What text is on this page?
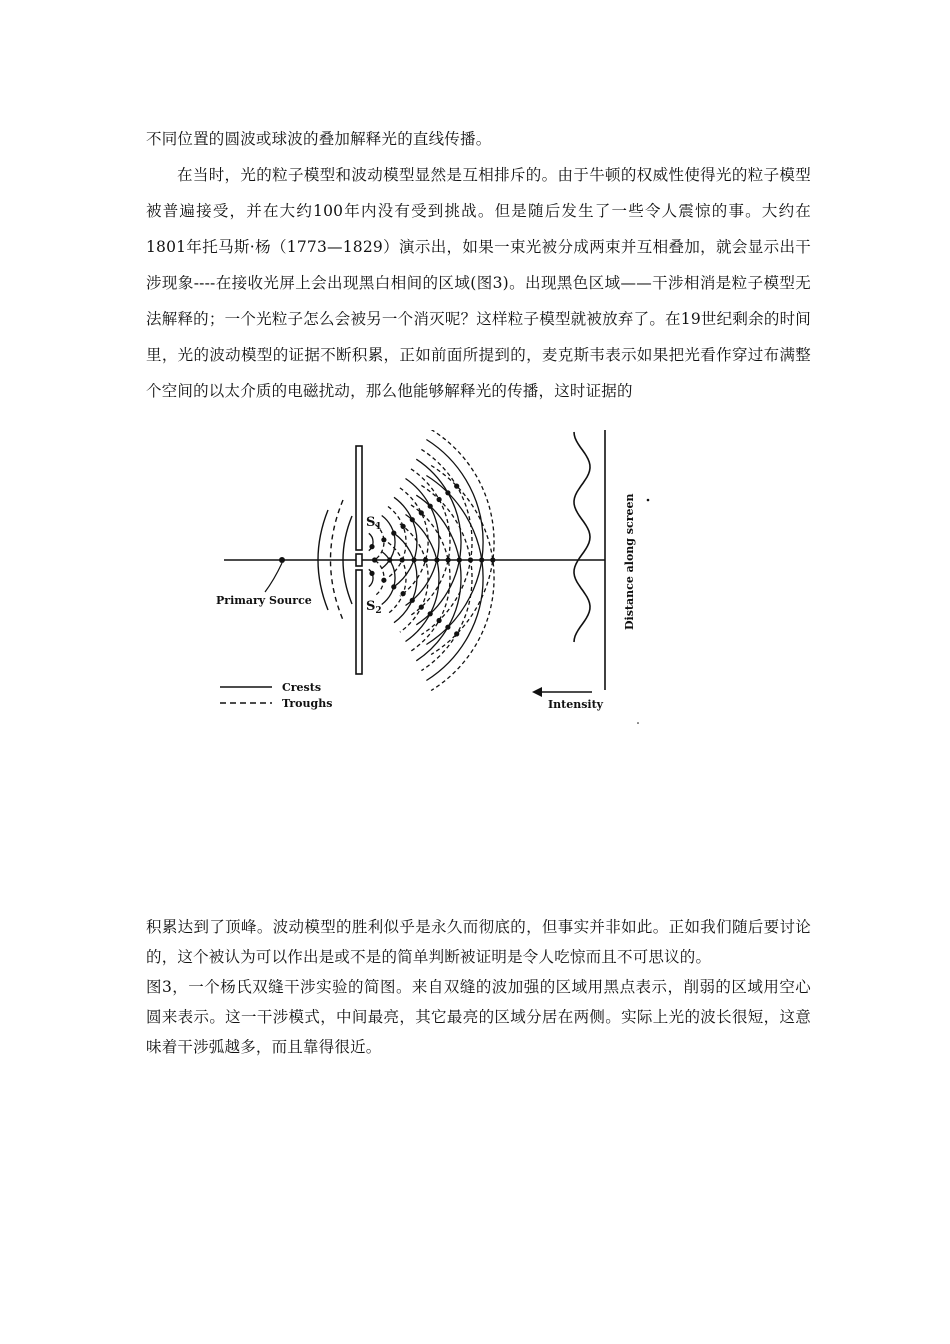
不同位置的圆波或球波的叠加解释光的直线传播。

在当时，光的粒子模型和波动模型显然是互相排斥的。由于牛顿的权威性使得光的粒子模型被普遍接受，并在大约100年内没有受到挑战。但是随后发生了一些令人震惊的事。大约在1801年托马斯·杨（1773—1829）演示出，如果一束光被分成两束并互相叠加，就会显示出干涉现象----在接收光屏上会出现黑白相间的区域(图3)。出现黑色区域——干涉相消是粒子模型无法解释的；一个光粒子怎么会被另一个消灭呢？这样粒子模型就被放弃了。在19世纪剩余的时间里，光的波动模型的证据不断积累，正如前面所提到的，麦克斯韦表示如果把光看作穿过布满整个空间的以太介质的电磁扰动，那么他能够解释光的传播，这时证据的

Primary Source
$S_1$
$S_2$	Distance along screen
Intensity
Crests
Troughs

积累达到了顶峰。波动模型的胜利似乎是永久而彻底的，但事实并非如此。正如我们随后要讨论的，这个被认为可以作出是或不是的简单判断被证明是令人吃惊而且不可思议的。

图3，一个杨氏双缝干涉实验的简图。来自双缝的波加强的区域用黑点表示，削弱的区域用空心圆来表示。这一干涉模式，中间最亮，其它最亮的区域分居在两侧。实际上光的波长很短，这意味着干涉弧越多，而且靠得很近。
